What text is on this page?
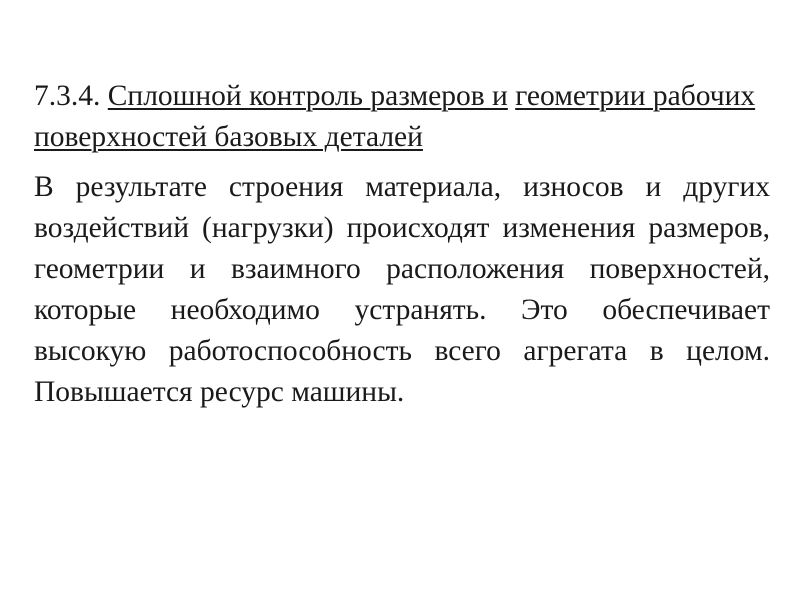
7.3.4. Сплошной контроль размеров и геометрии рабочих поверхностей базовых деталей

В результате строения материала, износов и других воздействий (нагрузки) происходят изменения размеров, геометрии и взаимного расположения поверхностей, которые необходимо устранять. Это обеспечивает высокую работоспособность всего агрегата в целом. Повышается ресурс машины.
